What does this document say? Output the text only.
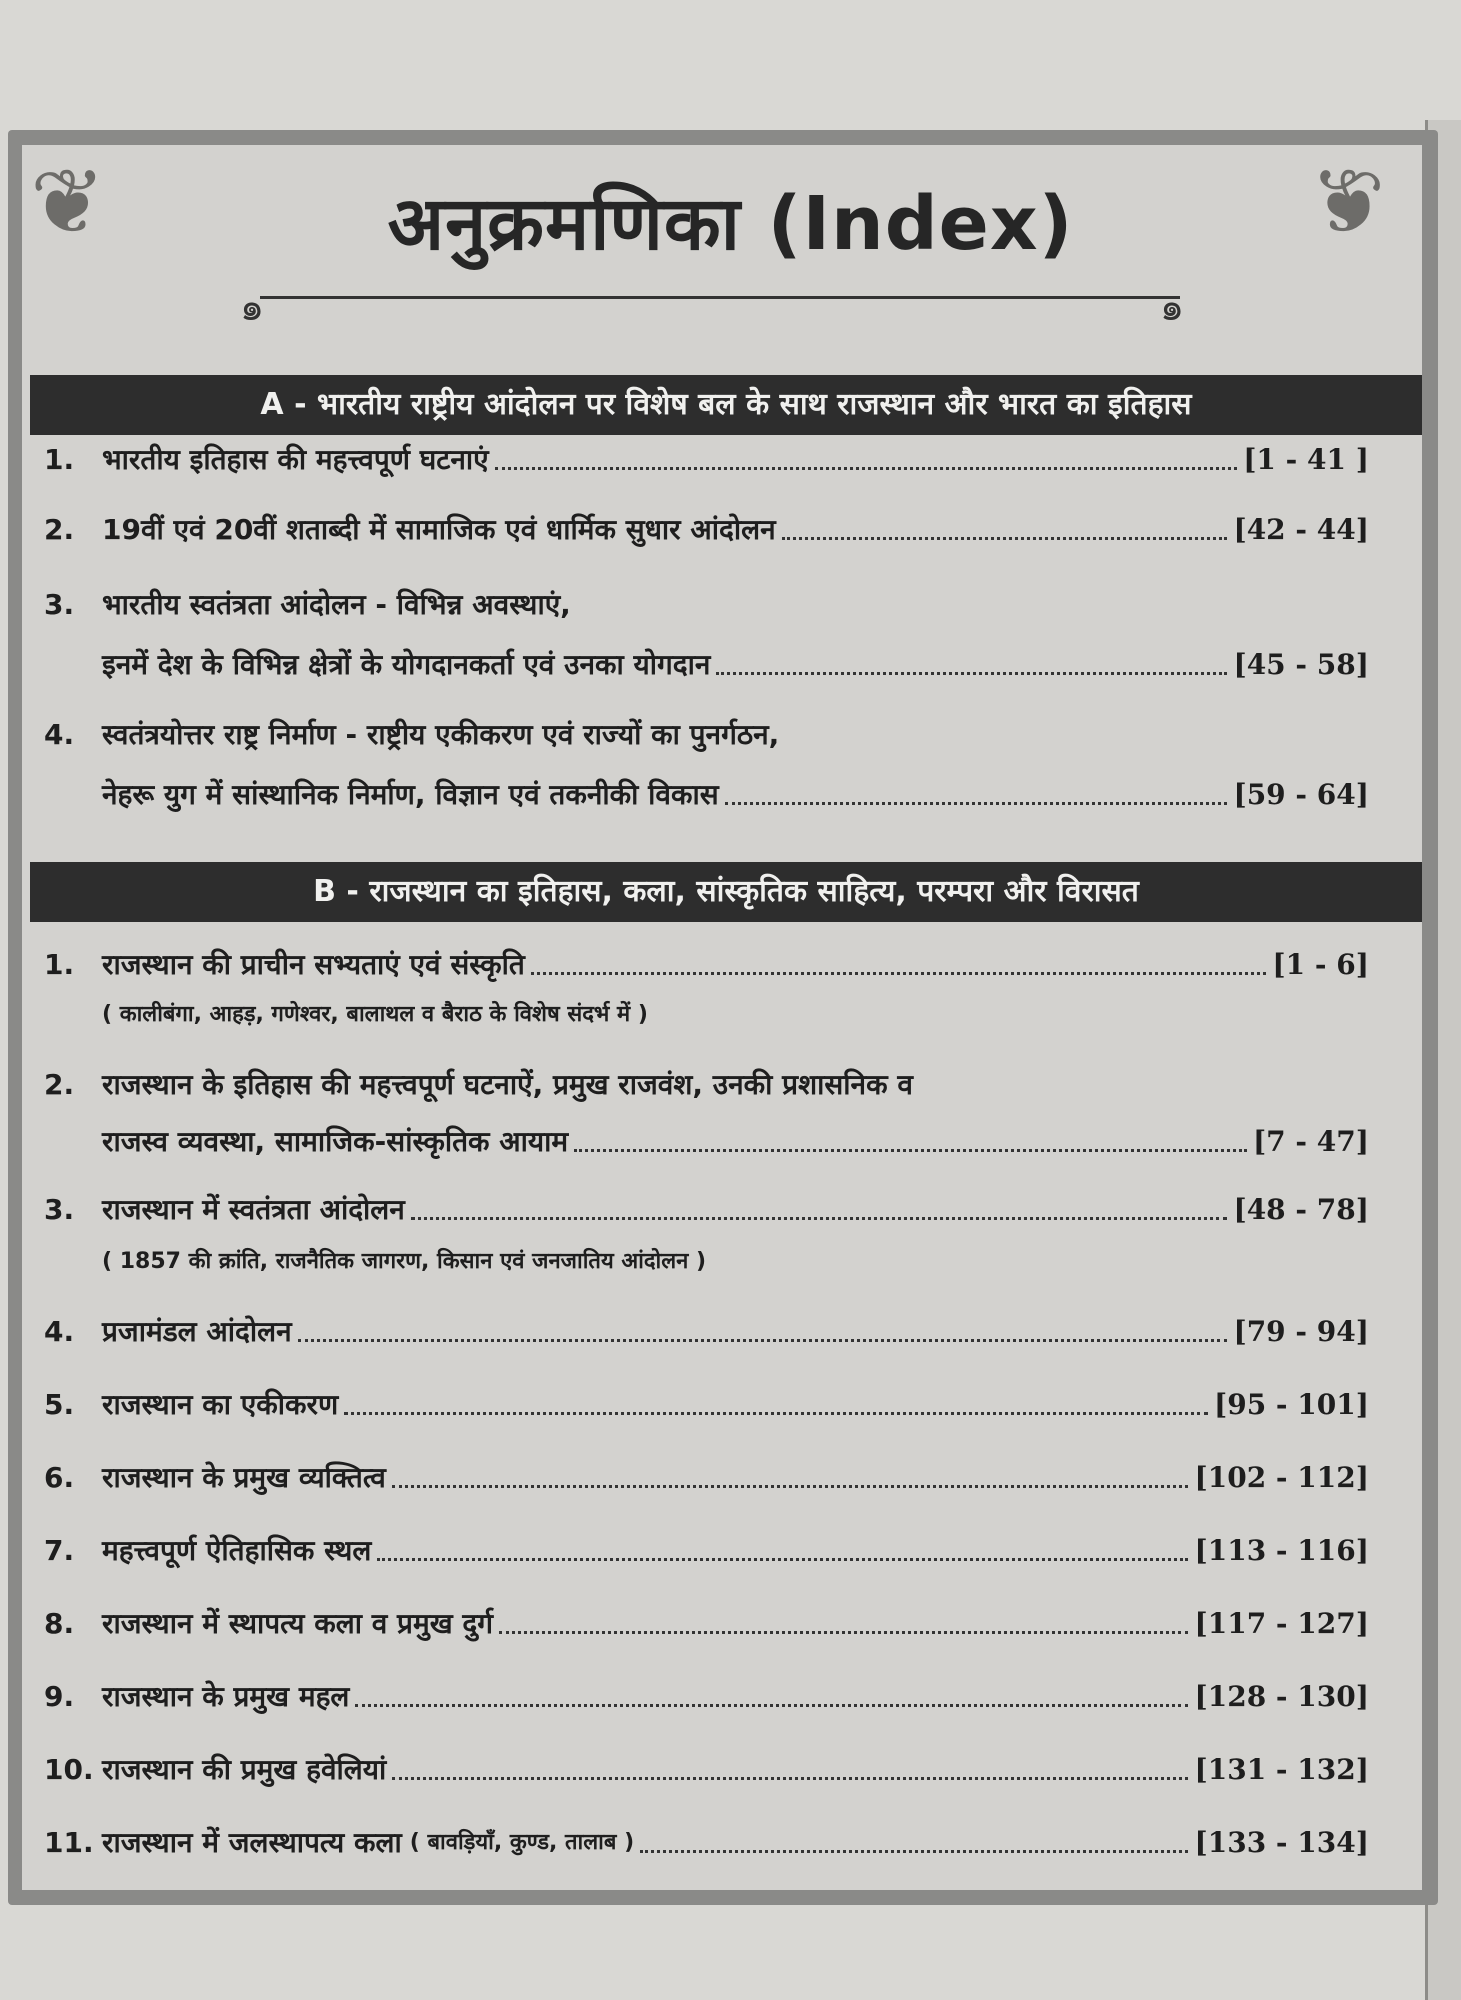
❦	❦
अनुक्रमणिका (Index)
๑	๑
A - भारतीय राष्ट्रीय आंदोलन पर विशेष बल के साथ राजस्थान और भारत का इतिहास
1. भारतीय इतिहास की महत्त्वपूर्ण घटनाएं	[1 - 41 ]
2. 19वीं एवं 20वीं शताब्दी में सामाजिक एवं धार्मिक सुधार आंदोलन	[42 - 44]
3. भारतीय स्वतंत्रता आंदोलन - विभिन्न अवस्थाएं,
इनमें देश के विभिन्न क्षेत्रों के योगदानकर्ता एवं उनका योगदान	[45 - 58]
4. स्वतंत्रयोत्तर राष्ट्र निर्माण - राष्ट्रीय एकीकरण एवं राज्यों का पुनर्गठन,
नेहरू युग में सांस्थानिक निर्माण, विज्ञान एवं तकनीकी विकास	[59 - 64]
B - राजस्थान का इतिहास, कला, सांस्कृतिक साहित्य, परम्परा और विरासत
1. राजस्थान की प्राचीन सभ्यताएं एवं संस्कृति	[1 - 6]
( कालीबंगा, आहड़, गणेश्वर, बालाथल व बैराठ के विशेष संदर्भ में )
2. राजस्थान के इतिहास की महत्त्वपूर्ण घटनाऐं, प्रमुख राजवंश, उनकी प्रशासनिक व
राजस्व व्यवस्था, सामाजिक-सांस्कृतिक आयाम	[7 - 47]
3. राजस्थान में स्वतंत्रता आंदोलन	[48 - 78]
( 1857 की क्रांति, राजनैतिक जागरण, किसान एवं जनजातिय आंदोलन )
4. प्रजामंडल आंदोलन	[79 - 94]
5. राजस्थान का एकीकरण	[95 - 101]
6. राजस्थान के प्रमुख व्यक्तित्व	[102 - 112]
7. महत्त्वपूर्ण ऐतिहासिक स्थल	[113 - 116]
8. राजस्थान में स्थापत्य कला व प्रमुख दुर्ग	[117 - 127]
9. राजस्थान के प्रमुख महल	[128 - 130]
10. राजस्थान की प्रमुख हवेलियां	[131 - 132]
11. राजस्थान में जलस्थापत्य कला ( बावड़ियाँ, कुण्ड, तालाब )	[133 - 134]
